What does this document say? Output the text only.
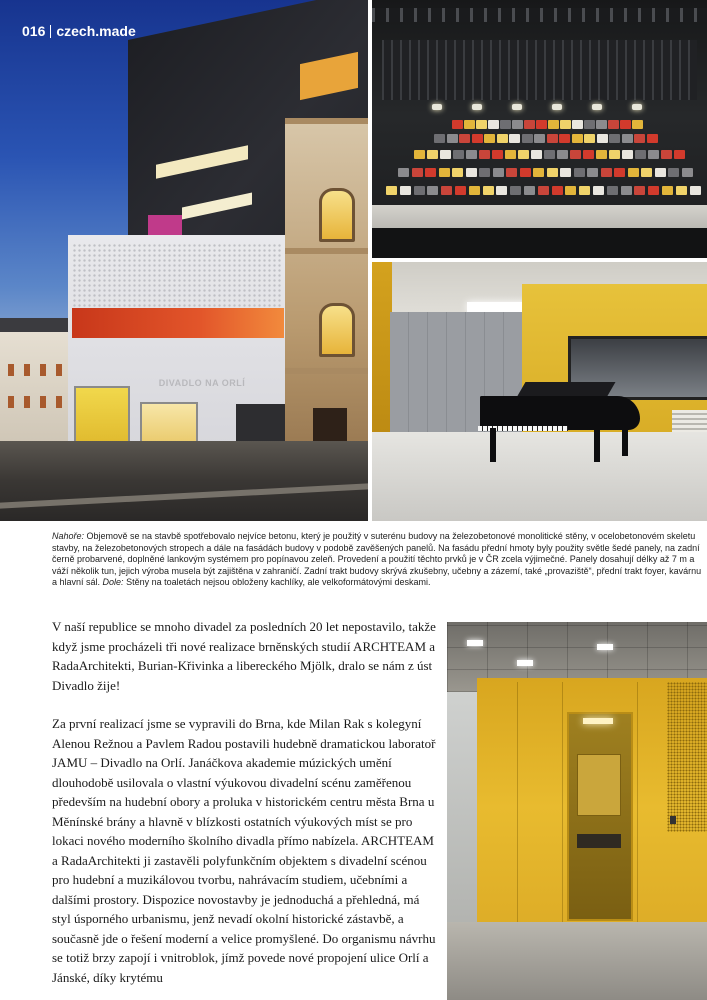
DIVADLO NA ORLÍ
016 czech.made

Nahoře: Objemově se na stavbě spotřebovalo nejvíce betonu, který je použitý v suterénu budovy na železobetonové monolitické stěny, v ocelobetonovém skeletu stavby, na železobetonových stropech a dále na fasádách budovy v podobě zavěšených panelů. Na fasádu přední hmoty byly použity světle šedé panely, na zadní černě probarvené, doplněné lankovým systémem pro popínavou zeleň. Provedení a použití těchto prvků je v ČR zcela výjimečné. Panely dosahují délky až 7 m a váží několik tun, jejich výroba musela být zajištěna v zahraničí. Zadní trakt budovy skrývá zkušebny, učebny a zázemí, také „provaziště“, přední trakt foyer, kavárnu a hlavní sál. Dole: Stěny na toaletách nejsou obloženy kachlíky, ale velkoformátovými deskami.

V naší republice se mnoho divadel za posledních 20 let nepostavilo, takže když jsme procházeli tři nové realizace brněnských studií ARCHTEAM a RadaArchitekti, Burian-Křivinka a libereckého Mjölk, dralo se nám z úst Divadlo žije!

Za první realizací jsme se vypravili do Brna, kde Milan Rak s kolegyní Alenou Režnou a Pavlem Radou postavili hudebně dramatickou laboratoř JAMU – Divadlo na Orlí. Janáčkova akademie múzických umění dlouhodobě usilovala o vlastní výukovou divadelní scénu zaměřenou především na hudební obory a proluka v historickém centru města Brna u Měnínské brány a hlavně v blízkosti ostatních výukových míst se pro lokaci nového moderního školního divadla přímo nabízela. ARCHTEAM a RadaArchitekti ji zastavěli polyfunkčním objektem s divadelní scénou pro hudební a muzikálovou tvorbu, nahrávacím studiem, učebními a dalšími prostory. Dispozice novostavby je jednoduchá a přehledná, má styl úsporného urbanismu, jenž nevadí okolní historické zástavbě, a současně jde o řešení moderní a velice promyšlené. Do organismu návrhu se totiž brzy zapojí i vnitroblok, jímž povede nové propojení ulice Orlí a Jánské, díky krytému
